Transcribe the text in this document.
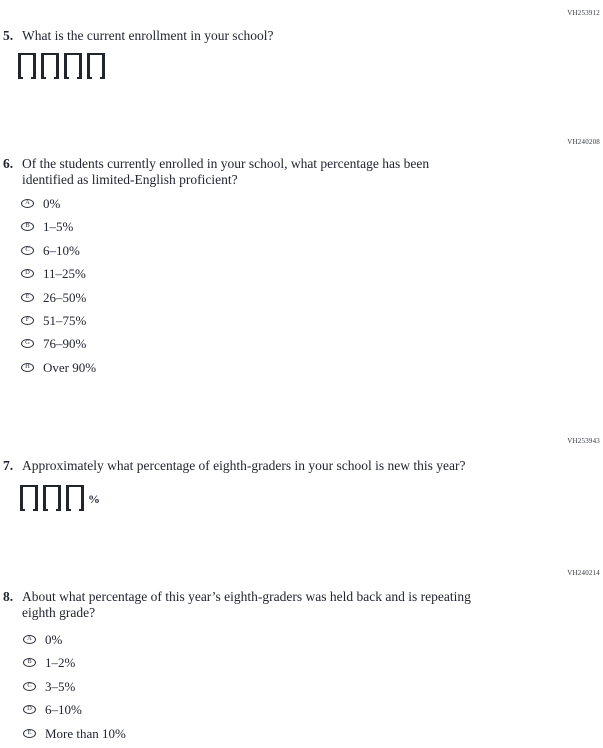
VH253912
5. What is the current enrollment in your school?
VH240208
6. Of the students currently enrolled in your school, what percentage has been
identified as limited-English proficient?
A	0%
B	1–5%
C	6–10%
D	11–25%
E	26–50%
F	51–75%
G	76–90%
H	Over 90%
VH253943
7. Approximately what percentage of eighth-graders in your school is new this year?
%
VH240214
8. About what percentage of this year’s eighth-graders was held back and is repeating
eighth grade?
A	0%
B	1–2%
C	3–5%
D	6–10%
E	More than 10%
